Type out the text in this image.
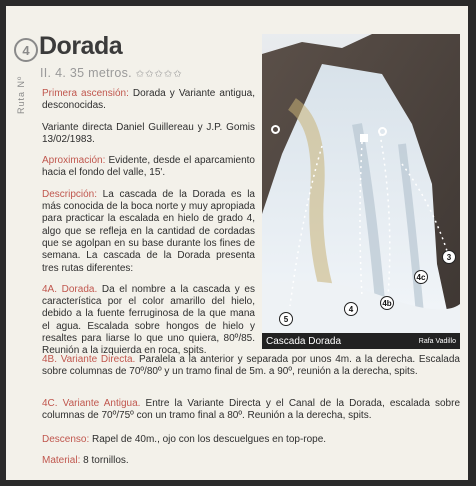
Ruta Nº
4 Dorada
II. 4. 35 metros. ✩✩✩✩✩

Primera ascensión: Dorada y Variante antigua, desconocidas.

Variante directa Daniel Guillereau y J.P. Gomis 13/02/1983.

Aproximación: Evidente, desde el aparcamiento hacia el fondo del valle, 15'.

Descripción: La cascada de la Dorada es la más conocida de la boca norte y muy apropiada para practicar la escalada en hielo de grado 4, algo que se refleja en la cantidad de cordadas que se agolpan en su base durante los fines de semana. La cascada de la Dorada presenta tres rutas diferentes:

4A. Dorada. Da el nombre a la cascada y es característica por el color amarillo del hielo, debido a la fuente ferruginosa de la que mana el agua. Escalada sobre hongos de hielo y resaltes para liarse lo que uno quiera, 80º/85. Reunión a la izquierda en roca, spits.

3
4c
4b
4
5
Cascada Dorada	Rafa Vadillo

4B. Variante Directa. Paralela a la anterior y separada por unos 4m. a la derecha. Escalada sobre columnas de 70º/80º y un tramo final de 5m. a 90º, reunión a la derecha, spits.

4C. Variante Antigua. Entre la Variante Directa y el Canal de la Dorada, escalada sobre columnas de 70º/75º con un tramo final a 80º. Reunión a la derecha, spits.

Descenso: Rapel de 40m., ojo con los descuelgues en top-rope.

Material: 8 tornillos.
